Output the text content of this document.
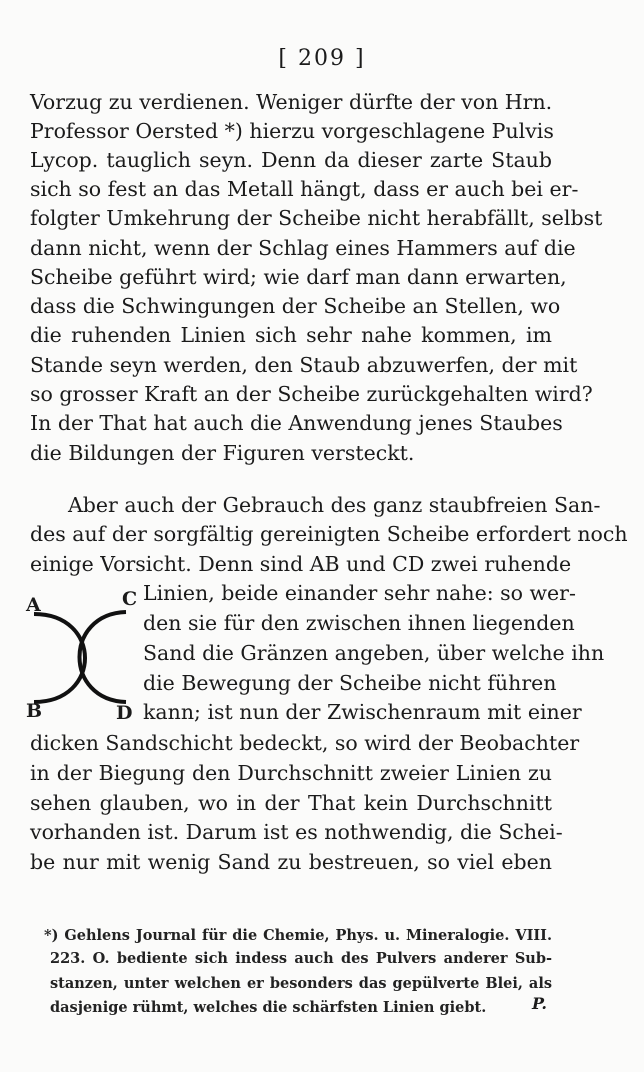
[ 209 ]
Vorzug zu verdienen. Weniger dürfte der von Hrn.
Professor Oersted *) hierzu vorgeschlagene Pulvis
Lycop. tauglich seyn. Denn da dieser zarte Staub
sich so fest an das Metall hängt, dass er auch bei er-
folgter Umkehrung der Scheibe nicht herabfällt, selbst
dann nicht, wenn der Schlag eines Hammers auf die
Scheibe geführt wird; wie darf man dann erwarten,
dass die Schwingungen der Scheibe an Stellen, wo
die ruhenden Linien sich sehr nahe kommen, im
Stande seyn werden, den Staub abzuwerfen, der mit
so grosser Kraft an der Scheibe zurückgehalten wird?
In der That hat auch die Anwendung jenes Staubes
die Bildungen der Figuren versteckt.
Aber auch der Gebrauch des ganz staubfreien San-
des auf der sorgfältig gereinigten Scheibe erfordert noch
einige Vorsicht. Denn sind AB und CD zwei ruhende
Linien, beide einander sehr nahe: so wer-
den sie für den zwischen ihnen liegenden
Sand die Gränzen angeben, über welche ihn
die Bewegung der Scheibe nicht führen
kann; ist nun der Zwischenraum mit einer
dicken Sandschicht bedeckt, so wird der Beobachter
in der Biegung den Durchschnitt zweier Linien zu
sehen glauben, wo in der That kein Durchschnitt
vorhanden ist. Darum ist es nothwendig, die Schei-
be nur mit wenig Sand zu bestreuen, so viel eben
A
B
C
D
*) Gehlens Journal für die Chemie, Phys. u. Mineralogie. VIII.
223. O. bediente sich indess auch des Pulvers anderer Sub-
stanzen, unter welchen er besonders das gepülverte Blei, als
dasjenige rühmt, welches die schärfsten Linien giebt.	P.
